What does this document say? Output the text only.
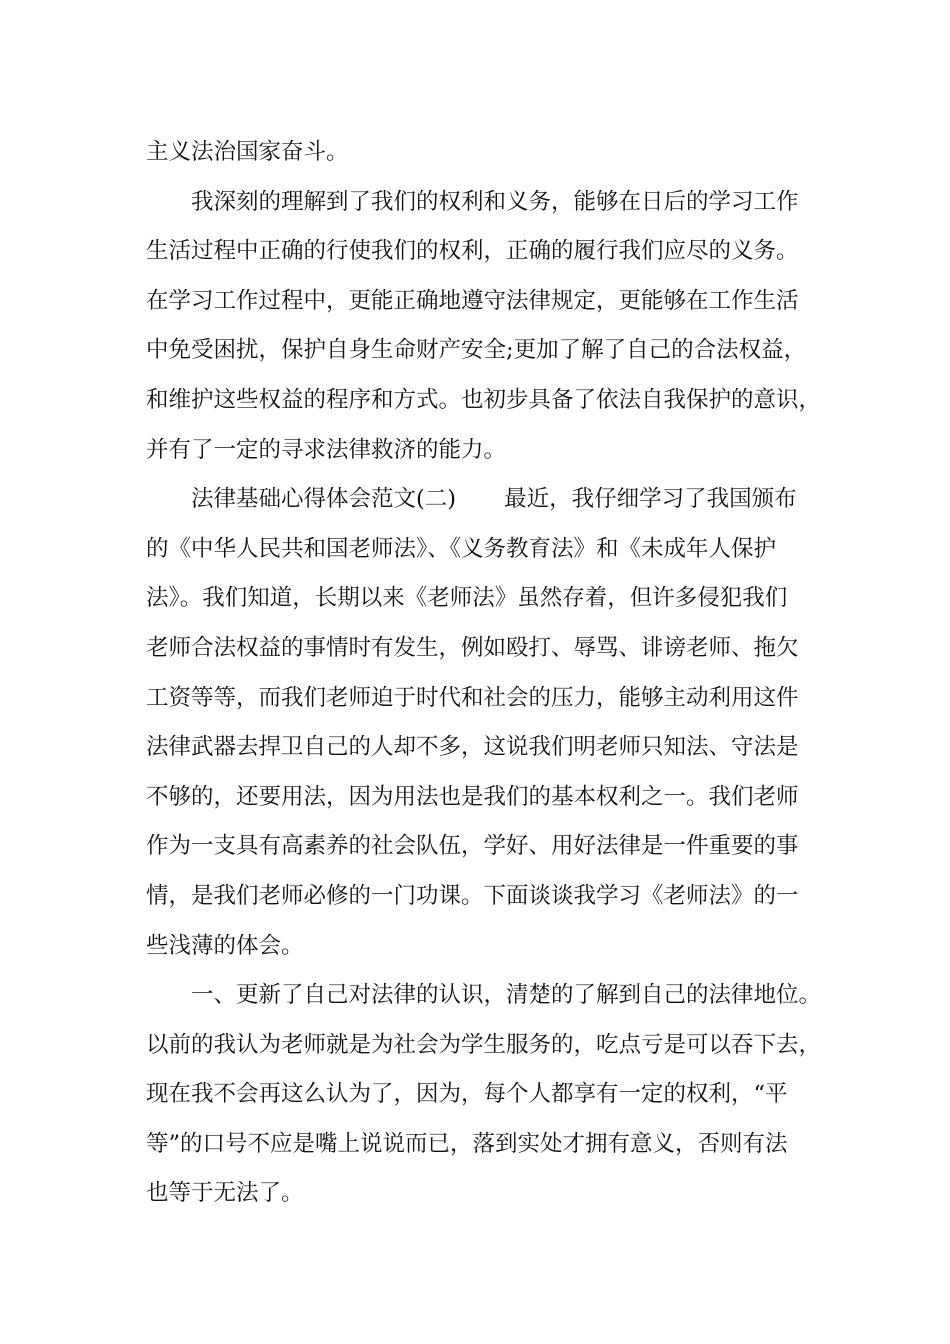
主义法治国家奋斗。

我深刻的理解到了我们的权利和义务，能够在日后的学习工作

生活过程中正确的行使我们的权利，正确的履行我们应尽的义务。

在学习工作过程中，更能正确地遵守法律规定，更能够在工作生活

中免受困扰，保护自身生命财产安全;更加了解了自己的合法权益，

和维护这些权益的程序和方式。也初步具备了依法自我保护的意识，

并有了一定的寻求法律救济的能力。

法律基础心得体会范文(二) 最近，我仔细学习了我国颁布

的《中华人民共和国老师法》、《义务教育法》和《未成年人保护

法》。我们知道，长期以来《老师法》虽然存着，但许多侵犯我们

老师合法权益的事情时有发生，例如殴打、辱骂、诽谤老师、拖欠

工资等等，而我们老师迫于时代和社会的压力，能够主动利用这件

法律武器去捍卫自己的人却不多，这说我们明老师只知法、守法是

不够的，还要用法，因为用法也是我们的基本权利之一。我们老师

作为一支具有高素养的社会队伍，学好、用好法律是一件重要的事

情，是我们老师必修的一门功课。下面谈谈我学习《老师法》的一

些浅薄的体会。

一、更新了自己对法律的认识，清楚的了解到自己的法律地位。

以前的我认为老师就是为社会为学生服务的，吃点亏是可以吞下去，

现在我不会再这么认为了，因为，每个人都享有一定的权利，“平

等”的口号不应是嘴上说说而已，落到实处才拥有意义，否则有法

也等于无法了。
